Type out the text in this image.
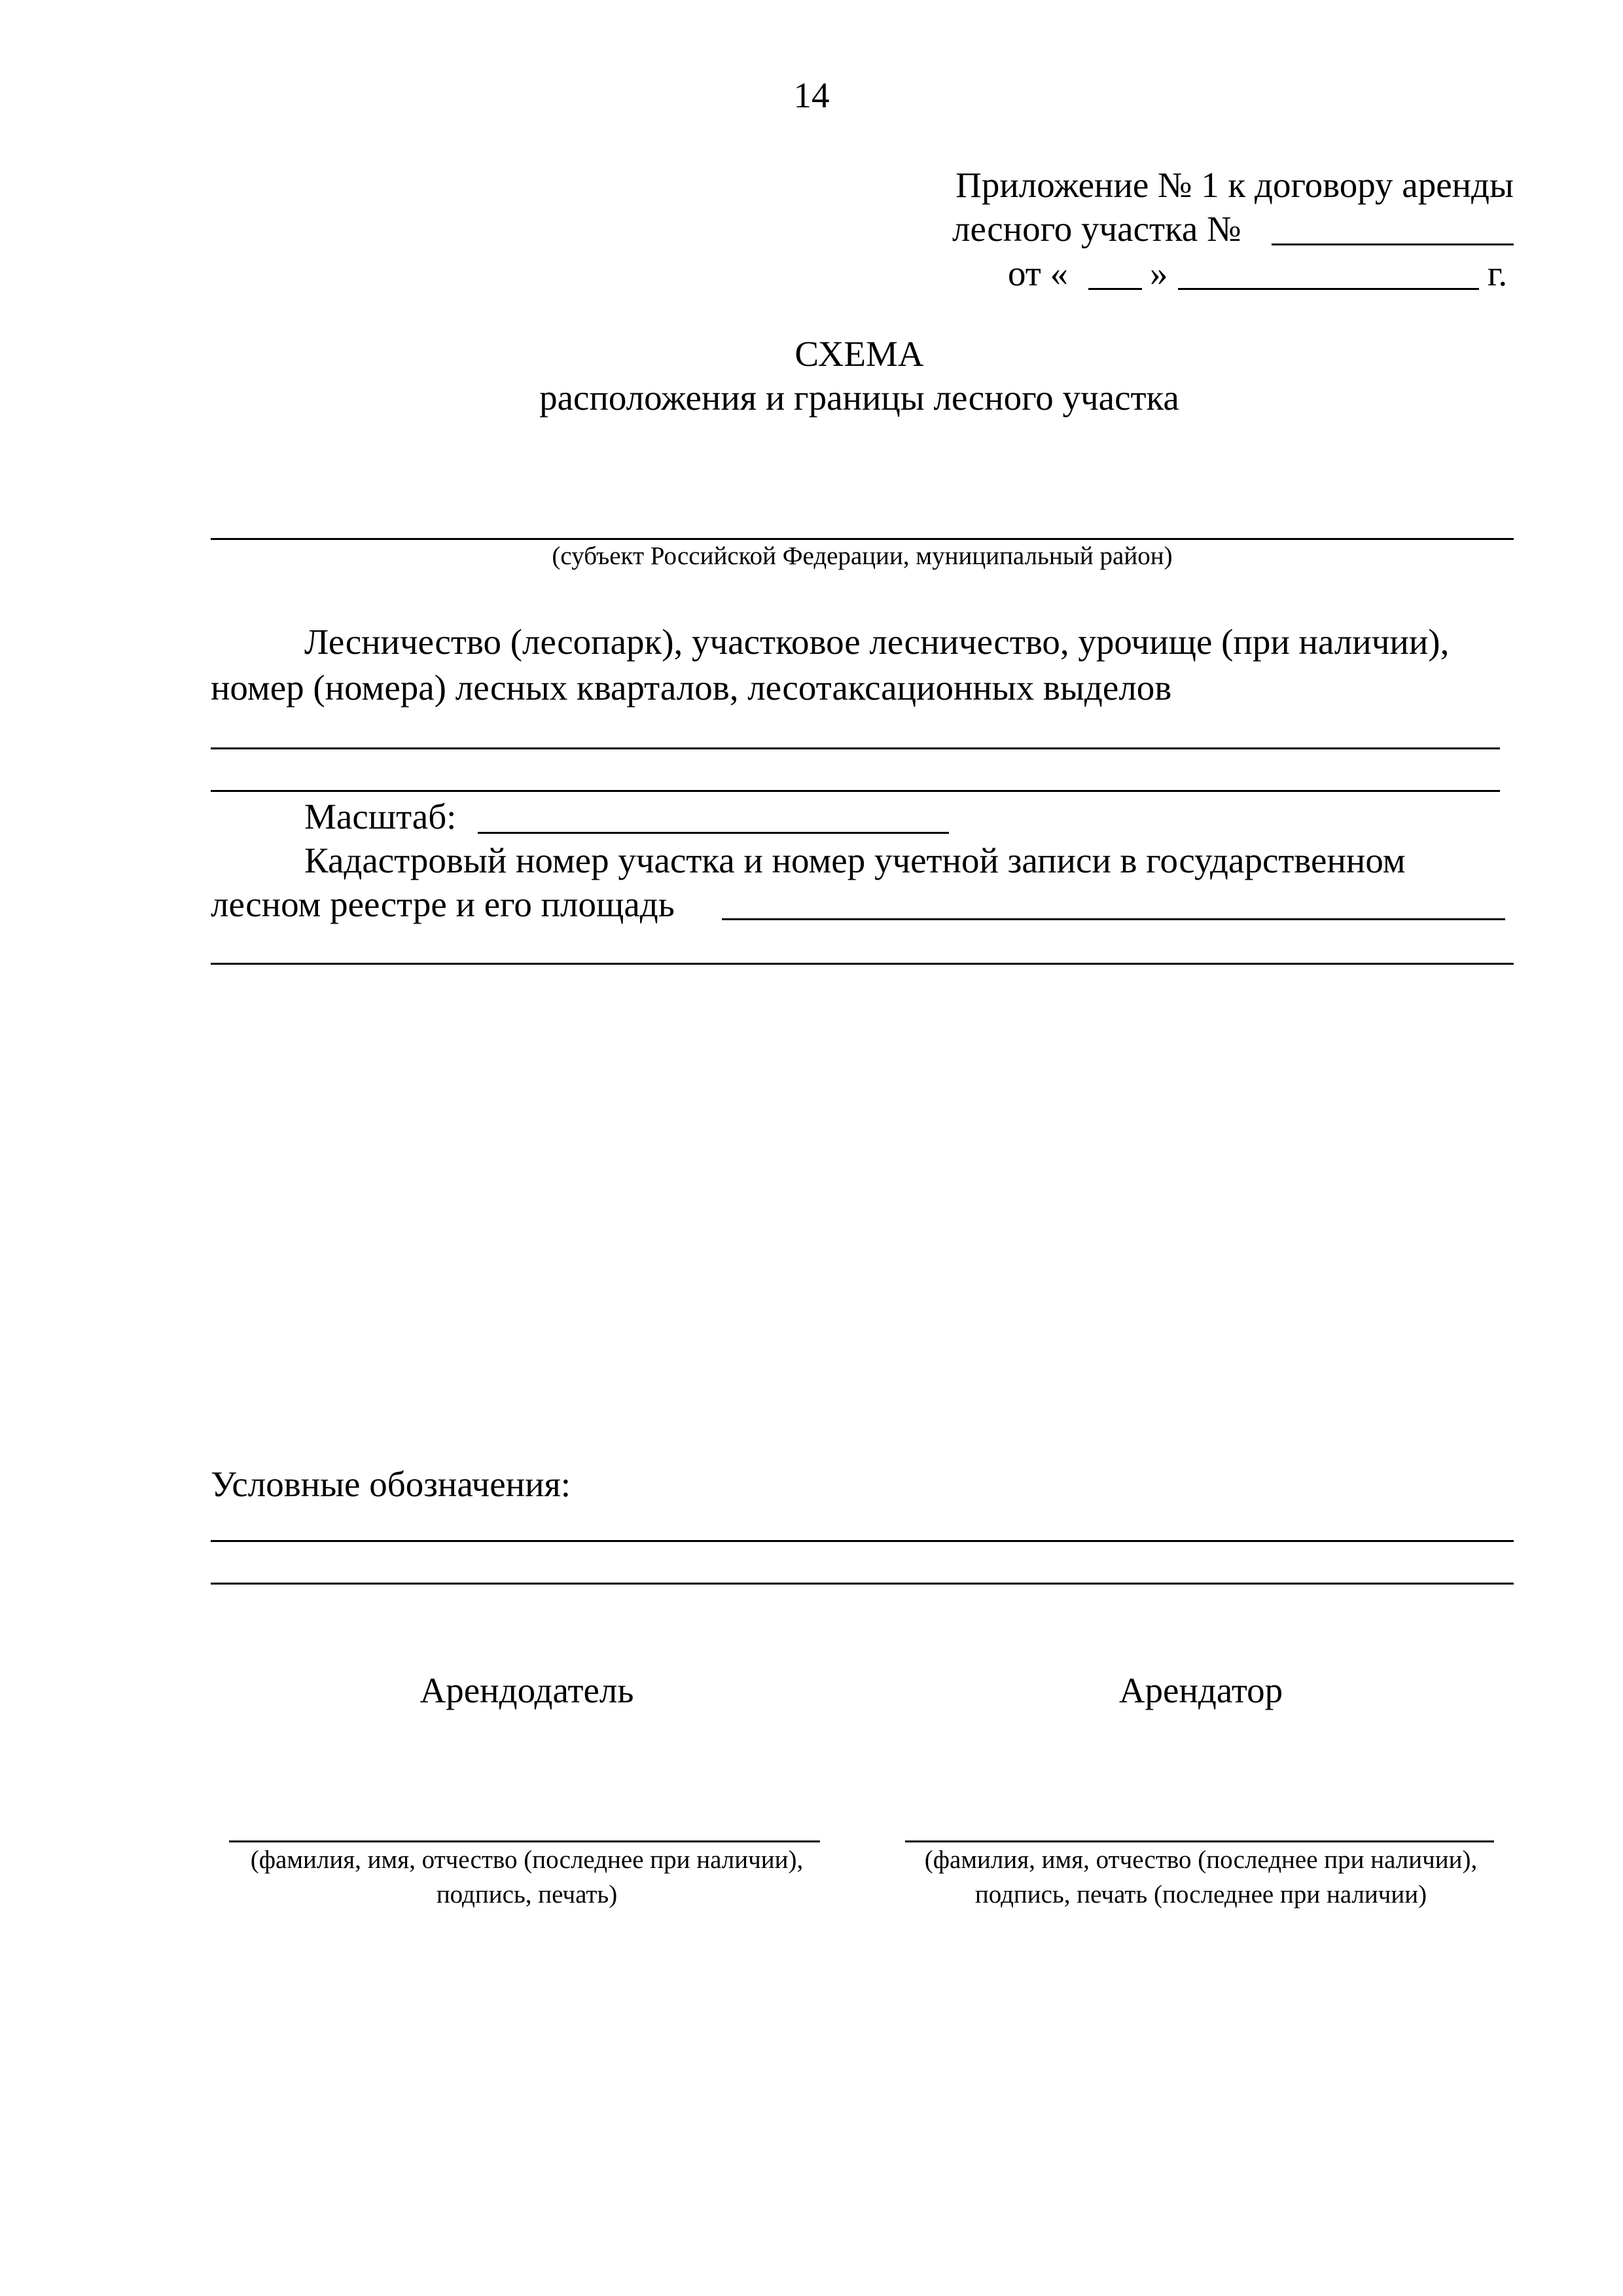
14
Приложение № 1 к договору аренды
лесного участка №
от « »	г.
СХЕМА
расположения и границы лесного участка
(субъект Российской Федерации, муниципальный район)
Лесничество (лесопарк), участковое лесничество, урочище (при наличии),
номер (номера) лесных кварталов, лесотаксационных выделов
Масштаб:
Кадастровый номер участка и номер учетной записи в государственном
лесном реестре и его площадь
Условные обозначения:
Арендодатель
(фамилия, имя, отчество (последнее при наличии),
подпись, печать)
Арендатор
(фамилия, имя, отчество (последнее при наличии),
подпись, печать (последнее при наличии)
